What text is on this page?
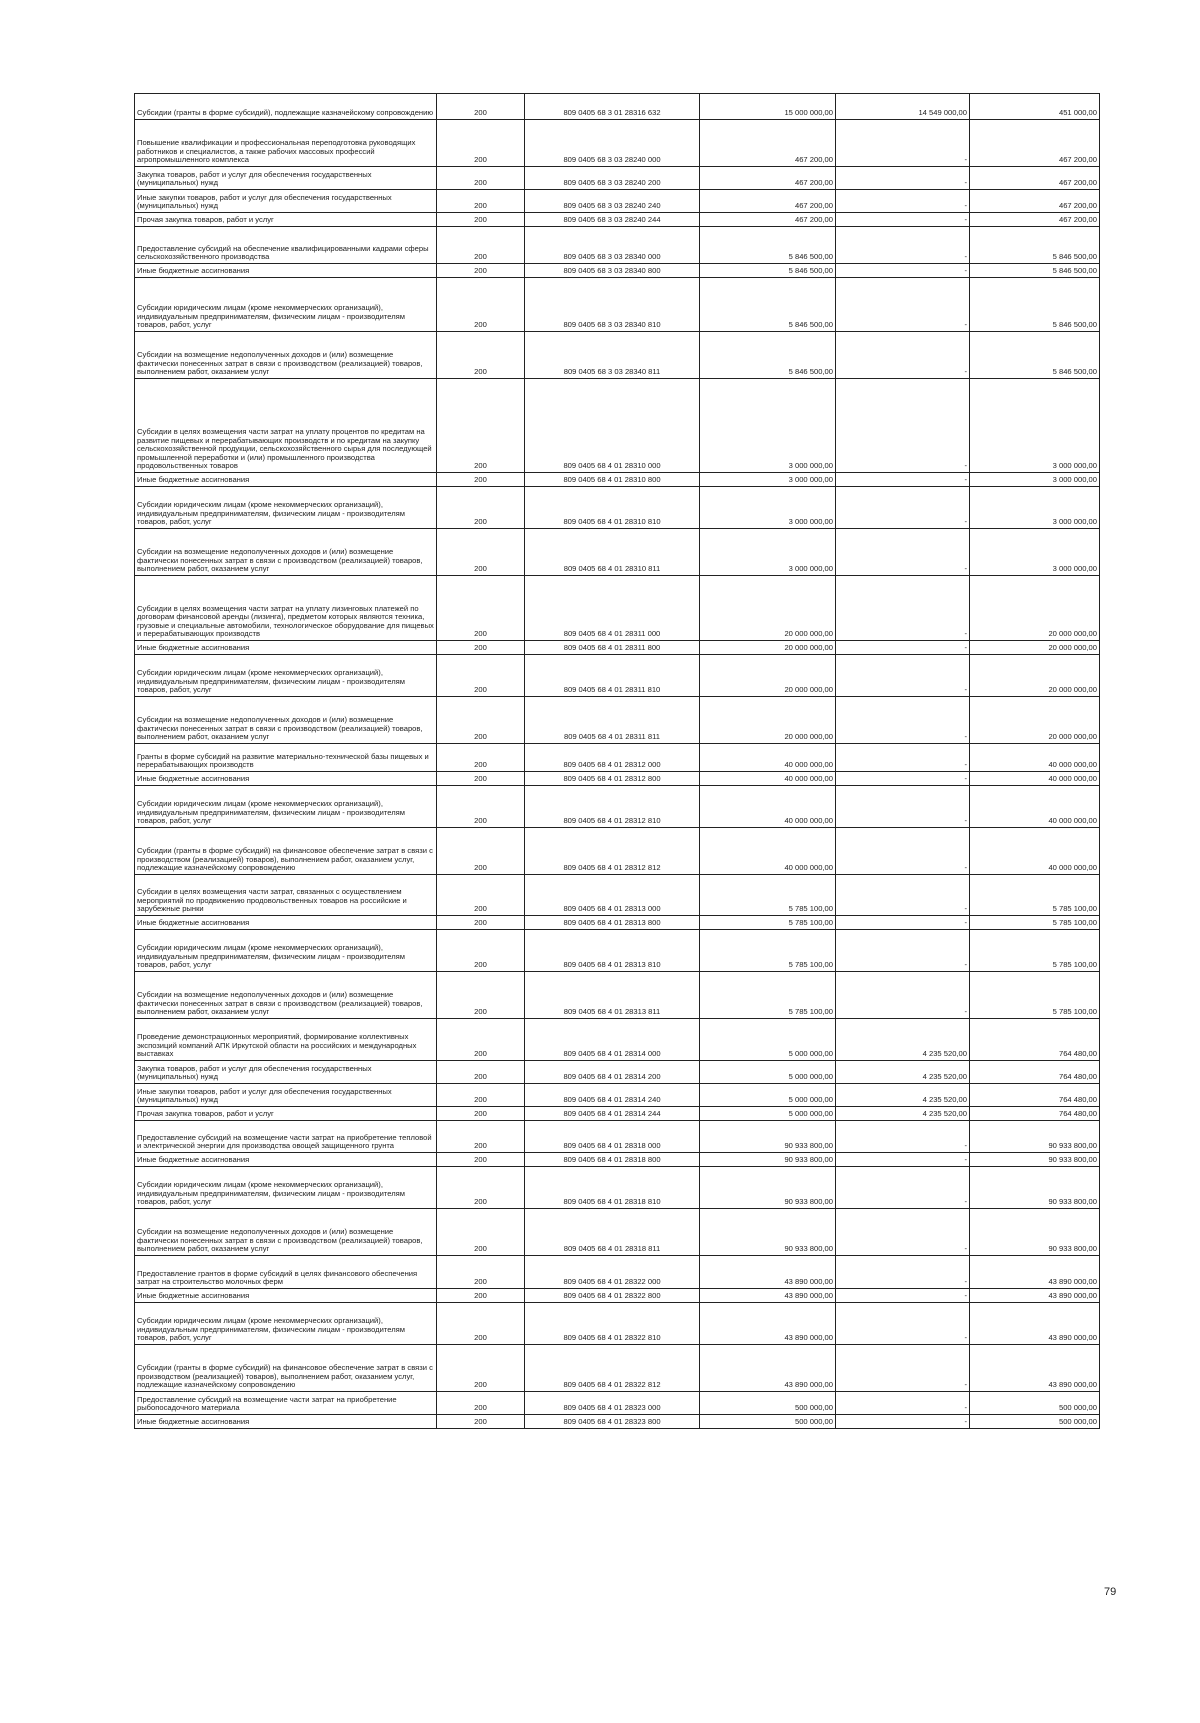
Субсидии (гранты в форме субсидий), подлежащие казначейскому сопровождению	200	809 0405 68 3 01 28316 632	15 000 000,00	14 549 000,00	451 000,00
Повышение квалификации и профессиональная переподготовка руководящих работников и специалистов, а также рабочих массовых профессий агропромышленного комплекса	200	809 0405 68 3 03 28240 000	467 200,00	-	467 200,00
Закупка товаров, работ и услуг для обеспечения государственных (муниципальных) нужд	200	809 0405 68 3 03 28240 200	467 200,00	-	467 200,00
Иные закупки товаров, работ и услуг для обеспечения государственных (муниципальных) нужд	200	809 0405 68 3 03 28240 240	467 200,00	-	467 200,00
Прочая закупка товаров, работ и услуг	200	809 0405 68 3 03 28240 244	467 200,00	-	467 200,00
Предоставление субсидий на обеспечение квалифицированными кадрами сферы сельскохозяйственного производства	200	809 0405 68 3 03 28340 000	5 846 500,00	-	5 846 500,00
Иные бюджетные ассигнования	200	809 0405 68 3 03 28340 800	5 846 500,00	-	5 846 500,00
Субсидии юридическим лицам (кроме некоммерческих организаций), индивидуальным предпринимателям, физическим лицам - производителям товаров, работ, услуг	200	809 0405 68 3 03 28340 810	5 846 500,00	-	5 846 500,00
Субсидии на возмещение недополученных доходов и (или) возмещение фактически понесенных затрат в связи с производством (реализацией) товаров, выполнением работ, оказанием услуг	200	809 0405 68 3 03 28340 811	5 846 500,00	-	5 846 500,00
Субсидии в целях возмещения части затрат на уплату процентов по кредитам на развитие пищевых и перерабатывающих производств и по кредитам на закупку сельскохозяйственной продукции, сельскохозяйственного сырья для последующей промышленной переработки и (или) промышленного производства продовольственных товаров	200	809 0405 68 4 01 28310 000	3 000 000,00	-	3 000 000,00
Иные бюджетные ассигнования	200	809 0405 68 4 01 28310 800	3 000 000,00	-	3 000 000,00
Субсидии юридическим лицам (кроме некоммерческих организаций), индивидуальным предпринимателям, физическим лицам - производителям товаров, работ, услуг	200	809 0405 68 4 01 28310 810	3 000 000,00	-	3 000 000,00
Субсидии на возмещение недополученных доходов и (или) возмещение фактически понесенных затрат в связи с производством (реализацией) товаров, выполнением работ, оказанием услуг	200	809 0405 68 4 01 28310 811	3 000 000,00	-	3 000 000,00
Субсидии в целях возмещения части затрат на уплату лизинговых платежей по договорам финансовой аренды (лизинга), предметом которых являются техника, грузовые и специальные автомобили, технологическое оборудование для пищевых и перерабатывающих производств	200	809 0405 68 4 01 28311 000	20 000 000,00	-	20 000 000,00
Иные бюджетные ассигнования	200	809 0405 68 4 01 28311 800	20 000 000,00	-	20 000 000,00
Субсидии юридическим лицам (кроме некоммерческих организаций), индивидуальным предпринимателям, физическим лицам - производителям товаров, работ, услуг	200	809 0405 68 4 01 28311 810	20 000 000,00	-	20 000 000,00
Субсидии на возмещение недополученных доходов и (или) возмещение фактически понесенных затрат в связи с производством (реализацией) товаров, выполнением работ, оказанием услуг	200	809 0405 68 4 01 28311 811	20 000 000,00	-	20 000 000,00
Гранты в форме субсидий на развитие материально-технической базы пищевых и перерабатывающих производств	200	809 0405 68 4 01 28312 000	40 000 000,00	-	40 000 000,00
Иные бюджетные ассигнования	200	809 0405 68 4 01 28312 800	40 000 000,00	-	40 000 000,00
Субсидии юридическим лицам (кроме некоммерческих организаций), индивидуальным предпринимателям, физическим лицам - производителям товаров, работ, услуг	200	809 0405 68 4 01 28312 810	40 000 000,00	-	40 000 000,00
Субсидии (гранты в форме субсидий) на финансовое обеспечение затрат в связи с производством (реализацией) товаров), выполнением работ, оказанием услуг, подлежащие казначейскому сопровождению	200	809 0405 68 4 01 28312 812	40 000 000,00	-	40 000 000,00
Субсидии в целях возмещения части затрат, связанных с осуществлением мероприятий по продвижению продовольственных товаров на российские и зарубежные рынки	200	809 0405 68 4 01 28313 000	5 785 100,00	-	5 785 100,00
Иные бюджетные ассигнования	200	809 0405 68 4 01 28313 800	5 785 100,00	-	5 785 100,00
Субсидии юридическим лицам (кроме некоммерческих организаций), индивидуальным предпринимателям, физическим лицам - производителям товаров, работ, услуг	200	809 0405 68 4 01 28313 810	5 785 100,00	-	5 785 100,00
Субсидии на возмещение недополученных доходов и (или) возмещение фактически понесенных затрат в связи с производством (реализацией) товаров, выполнением работ, оказанием услуг	200	809 0405 68 4 01 28313 811	5 785 100,00	-	5 785 100,00
Проведение демонстрационных мероприятий, формирование коллективных экспозиций компаний АПК Иркутской области на российских и международных выставках	200	809 0405 68 4 01 28314 000	5 000 000,00	4 235 520,00	764 480,00
Закупка товаров, работ и услуг для обеспечения государственных (муниципальных) нужд	200	809 0405 68 4 01 28314 200	5 000 000,00	4 235 520,00	764 480,00
Иные закупки товаров, работ и услуг для обеспечения государственных (муниципальных) нужд	200	809 0405 68 4 01 28314 240	5 000 000,00	4 235 520,00	764 480,00
Прочая закупка товаров, работ и услуг	200	809 0405 68 4 01 28314 244	5 000 000,00	4 235 520,00	764 480,00
Предоставление субсидий на возмещение части затрат на приобретение тепловой и электрической энергии для производства овощей защищенного грунта	200	809 0405 68 4 01 28318 000	90 933 800,00	-	90 933 800,00
Иные бюджетные ассигнования	200	809 0405 68 4 01 28318 800	90 933 800,00	-	90 933 800,00
Субсидии юридическим лицам (кроме некоммерческих организаций), индивидуальным предпринимателям, физическим лицам - производителям товаров, работ, услуг	200	809 0405 68 4 01 28318 810	90 933 800,00	-	90 933 800,00
Субсидии на возмещение недополученных доходов и (или) возмещение фактически понесенных затрат в связи с производством (реализацией) товаров, выполнением работ, оказанием услуг	200	809 0405 68 4 01 28318 811	90 933 800,00	-	90 933 800,00
Предоставление грантов в форме субсидий в целях финансового обеспечения затрат на строительство молочных ферм	200	809 0405 68 4 01 28322 000	43 890 000,00	-	43 890 000,00
Иные бюджетные ассигнования	200	809 0405 68 4 01 28322 800	43 890 000,00	-	43 890 000,00
Субсидии юридическим лицам (кроме некоммерческих организаций), индивидуальным предпринимателям, физическим лицам - производителям товаров, работ, услуг	200	809 0405 68 4 01 28322 810	43 890 000,00	-	43 890 000,00
Субсидии (гранты в форме субсидий) на финансовое обеспечение затрат в связи с производством (реализацией) товаров), выполнением работ, оказанием услуг, подлежащие казначейскому сопровождению	200	809 0405 68 4 01 28322 812	43 890 000,00	-	43 890 000,00
Предоставление субсидий на возмещение части затрат на приобретение рыбопосадочного материала	200	809 0405 68 4 01 28323 000	500 000,00	-	500 000,00
Иные бюджетные ассигнования	200	809 0405 68 4 01 28323 800	500 000,00	-	500 000,00
79
